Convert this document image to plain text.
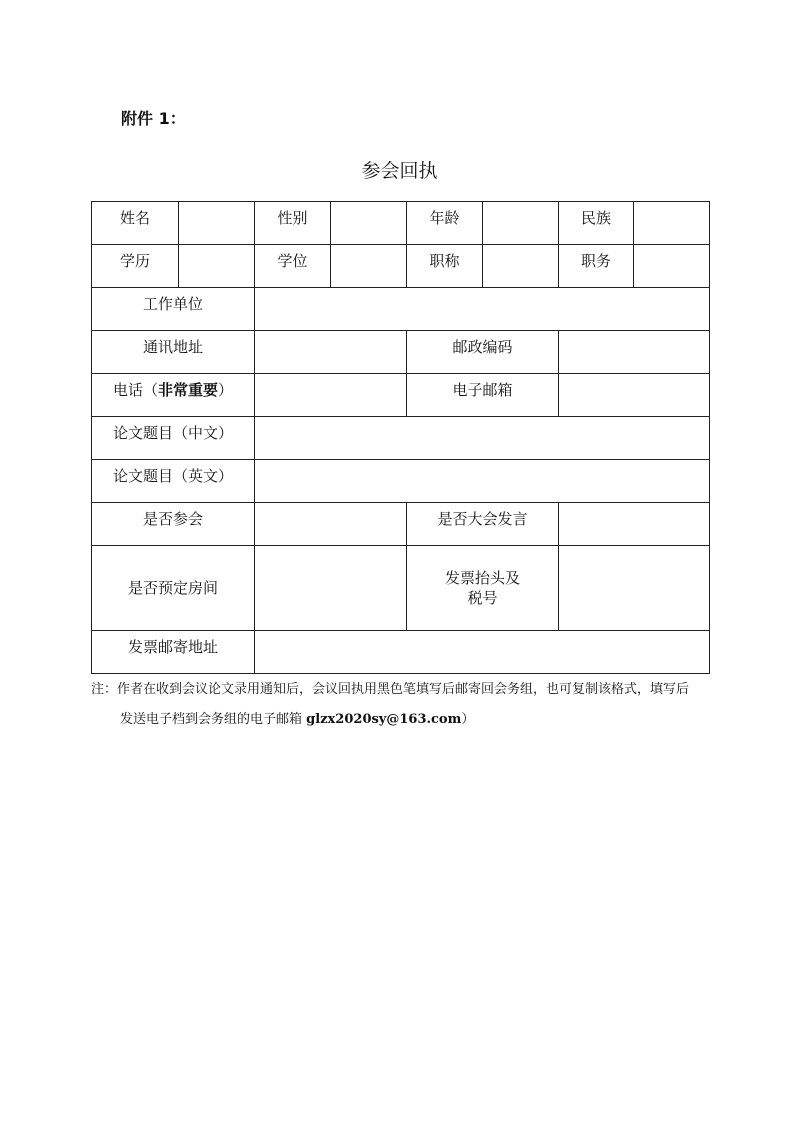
附件 1：
参会回执
姓名		性别		年龄		民族	
学历		学位		职称		职务	
工作单位							
通讯地址				邮政编码			
电话（非常重要）				电子邮箱			
论文题目（中文）							
论文题目（英文）							
是否参会				是否大会发言			
是否预定房间				发票抬头及
税号			

发票邮寄地址							
注：作者在收到会议论文录用通知后，会议回执用黑色笔填写后邮寄回会务组，也可复制该格式，填写后
发送电子档到会务组的电子邮箱 glzx2020sy@163.com）
